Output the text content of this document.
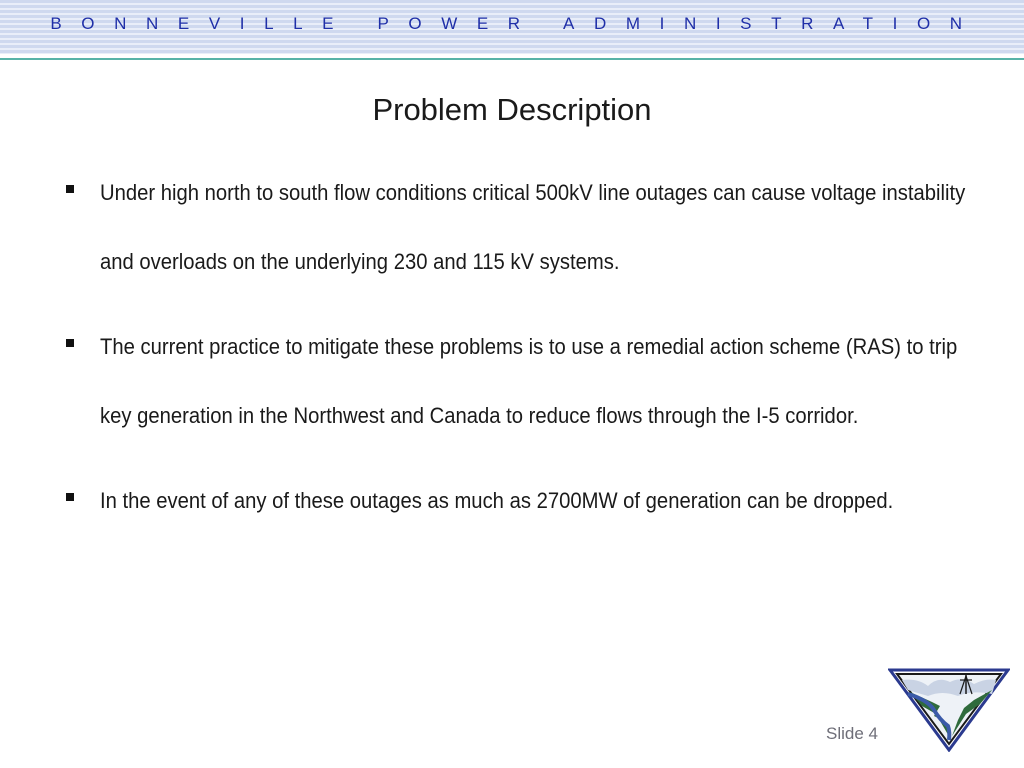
BONNEVILLE POWER ADMINISTRATION
Problem Description
Under high north to south flow conditions critical 500kV line outages can cause voltage instability and overloads on the underlying 230 and 115 kV systems.
The current practice to mitigate these problems is to use a remedial action scheme (RAS) to trip key generation in the Northwest and Canada to reduce flows through the I-5 corridor.
In the event of any of these outages as much as 2700MW of generation can be dropped.
Slide 4
